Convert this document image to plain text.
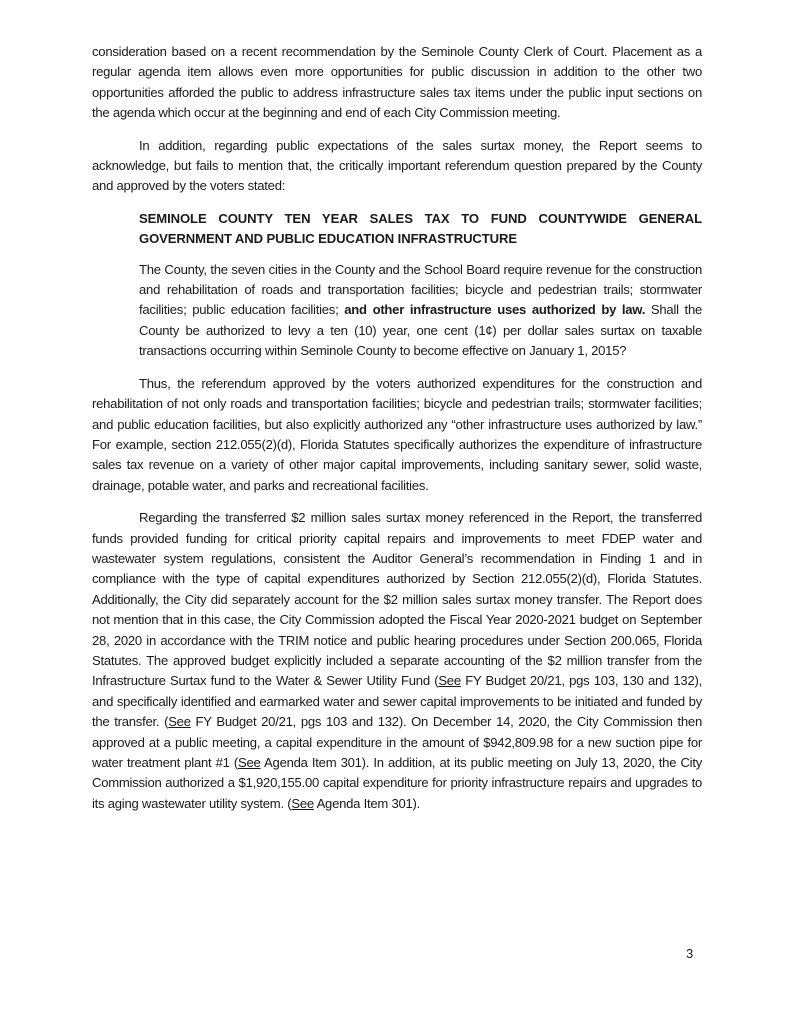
consideration based on a recent recommendation by the Seminole County Clerk of Court. Placement as a regular agenda item allows even more opportunities for public discussion in addition to the other two opportunities afforded the public to address infrastructure sales tax items under the public input sections on the agenda which occur at the beginning and end of each City Commission meeting.

In addition, regarding public expectations of the sales surtax money, the Report seems to acknowledge, but fails to mention that, the critically important referendum question prepared by the County and approved by the voters stated:

SEMINOLE COUNTY TEN YEAR SALES TAX TO FUND COUNTYWIDE GENERAL GOVERNMENT AND PUBLIC EDUCATION INFRASTRUCTURE

The County, the seven cities in the County and the School Board require revenue for the construction and rehabilitation of roads and transportation facilities; bicycle and pedestrian trails; stormwater facilities; public education facilities; and other infrastructure uses authorized by law. Shall the County be authorized to levy a ten (10) year, one cent (1¢) per dollar sales surtax on taxable transactions occurring within Seminole County to become effective on January 1, 2015?

Thus, the referendum approved by the voters authorized expenditures for the construction and rehabilitation of not only roads and transportation facilities; bicycle and pedestrian trails; stormwater facilities; and public education facilities, but also explicitly authorized any “other infrastructure uses authorized by law.” For example, section 212.055(2)(d), Florida Statutes specifically authorizes the expenditure of infrastructure sales tax revenue on a variety of other major capital improvements, including sanitary sewer, solid waste, drainage, potable water, and parks and recreational facilities.

Regarding the transferred $2 million sales surtax money referenced in the Report, the transferred funds provided funding for critical priority capital repairs and improvements to meet FDEP water and wastewater system regulations, consistent the Auditor General’s recommendation in Finding 1 and in compliance with the type of capital expenditures authorized by Section 212.055(2)(d), Florida Statutes. Additionally, the City did separately account for the $2 million sales surtax money transfer. The Report does not mention that in this case, the City Commission adopted the Fiscal Year 2020-2021 budget on September 28, 2020 in accordance with the TRIM notice and public hearing procedures under Section 200.065, Florida Statutes. The approved budget explicitly included a separate accounting of the $2 million transfer from the Infrastructure Surtax fund to the Water & Sewer Utility Fund (See FY Budget 20/21, pgs 103, 130 and 132), and specifically identified and earmarked water and sewer capital improvements to be initiated and funded by the transfer. (See FY Budget 20/21, pgs 103 and 132). On December 14, 2020, the City Commission then approved at a public meeting, a capital expenditure in the amount of $942,809.98 for a new suction pipe for water treatment plant #1 (See Agenda Item 301). In addition, at its public meeting on July 13, 2020, the City Commission authorized a $1,920,155.00 capital expenditure for priority infrastructure repairs and upgrades to its aging wastewater utility system. (See Agenda Item 301).

3
